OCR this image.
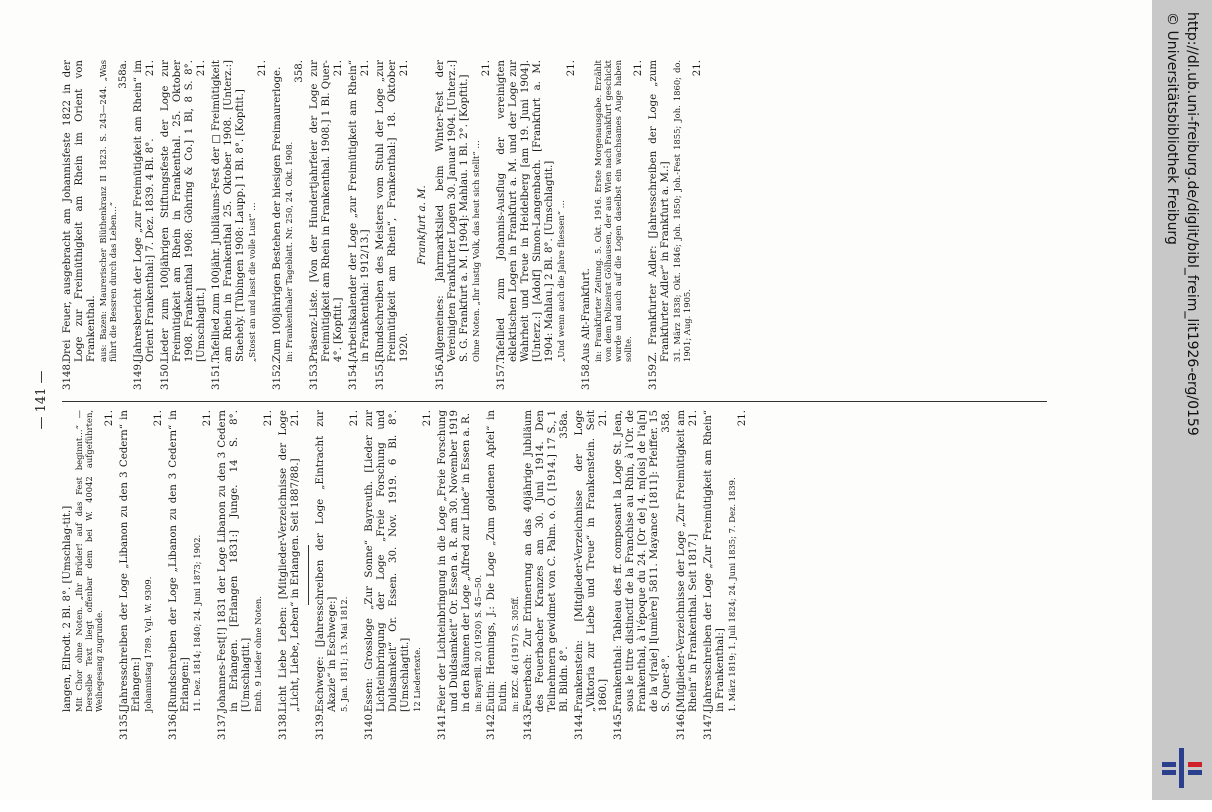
— 141 —
langen, Ellrodt. 2 Bl. 8°. [Umschlag-tit.] Mit Chor ohne Noten. „Ihr Brüder! auf das Fest beginnt…“ — Derselbe Text liegt offenbar dem bei W. 40042 aufgeführten, Weihegesang zugrunde.
21.
3135.
[Jahresschreiben der Loge „Libanon zu den 3 Cedern“ in Erlangen:] Johannistag 1789. Vgl. W. 9309.
21.
3136.
[Rundschreiben der Loge „Libanon zu den 3 Cedern“ in Erlangen:] 11. Dez. 1814; 1840; 24. Juni 1873; 1902.
21.
3137.
Johannes-Fest[!] 1831 der Loge Libanon zu den 3 Cedern in Erlangen. [Erlangen 1831:] Junge. 14 S. 8°. [Umschlagtit.] Enth. 9 Lieder ohne Noten.
21.
3138.
Licht Liebe Leben: [Mitglieder-Verzeichnisse der Loge „Licht, Liebe, Leben“ in Erlangen. Seit 1887/88.]
21.
3139.
Eschwege: [Jahresschreiben der Loge „Eintracht zur Akazie“ in Eschwege:] 5. Jan. 1811; 13. Mai 1812.
21.
3140.
Essen: Grossloge „Zur Sonne“ Bayreuth. [Lieder zur Lichteinbringung der Loge „Freie Forschung und Duldsamkeit“ Or. Essen. 30. Nov. 1919. 6 Bl. 8°. [Umschlagtit.] 12 Liedertexte.
21.
3141.
Feier der Lichteinbringung in die Loge „Freie Forschung und Duldsamkeit“ Or. Essen a. R. am 30. November 1919 in den Räumen der Loge „Alfred zur Linde“ in Essen a. R. in: BayrBll. 20 (1920) S. 45—50.
3142.
Eutin: Hennings, J.: Die Loge „Zum goldenen Apfel“ in Eutin. in: BZC. 46 (1917) S. 305ff.
3143.
Feuerbach: Zur Erinnerung an das 40jährige Jubiläum des Feuerbacher Kranzes am 30. Juni 1914. Den Teilnehmern gewidmet von C. Palm. o. O. [1914.] 17 S., 1 Bl. Bildn. 8°.
358a.
3144.
Frankenstein: [Mitglieder-Verzeichnisse der Loge „Viktoria zur Liebe und Treue“ in Frankenstein. Seit 1860.]
21.
3145.
Frankenthal: Tableau des ff. composant la Loge St. Jean, sous le titre distinctif de la Franchise au Rhin, à l'Or. de Frankenthal, à l'époque du 24. [Or de] 4. m[ois] de l'a[n] de la v[raie] l[umière] 5811. Mayance [1811]: Pfeiffer. 15 S. Quer-8°.
358.
3146.
[Mitglieder-Verzeichnisse der Loge „Zur Freimütigkeit am Rhein“ in Frankenthal. Seit 1817.]
21.
3147.
[Jahresschreiben der Loge „Zur Freimütigkeit am Rhein“ in Frankenthal:] 1. März 1819; 1. Juli 1824; 24. Juni 1835; 7. Dez. 1839.
21.
3148.
Drei Feuer, ausgebracht am Johannisfeste 1822 in der Loge zur Freimüthigkeit am Rhein im Orient von Frankenthal. aus: Bazen: Maurerischer Blüthenkranz II 1823. S. 243—244. „Was führt die Bessren durch das Leben…“
358a.
3149.
[Jahresbericht der Loge „zur Freimütigkeit am Rhein“ im Orient Frankenthal:] 7. Dez. 1839. 4 Bl. 8°.
21.
3150.
Lieder zum 100jährigen Stiftungsfeste der Loge zur Freimütigkeit am Rhein in Frankenthal. 25. Oktober 1908. Frankenthal 1908: Göhring & Co.] 1 Bl, 8 S. 8°. [Umschlagtit.]
21.
3151.
Tafellied zum 100jähr. Jubiläums-Fest der □ Freimütigkeit am Rhein in Frankenthal 25. Oktober 1908. [Unterz.:] Staehely. [Tübingen 1908: Laupp.] 1 Bl. 8°. [Kopftit.] „Stosst an und lasst die volle Lust“ …
21.
3152.
Zum 100jährigen Bestehen der hiesigen Freimaurerloge. in: Frankenthaler Tageblatt. Nr. 250, 24. Okt. 1908.
358.
3153.
Präsenz-Liste. [Von der Hundertjahrfeier der Loge zur Freimütigkeit am Rhein in Frankenthal. 1908.] 1 Bl. Quer-4°. [Kopftit.]
21.
3154.
[Arbeitskalender der Loge „zur Freimütigkeit am Rhein“ in Frankenthal: 1912/13.]
21.
3155.
[Rundschreiben des Meisters vom Stuhl der Loge „zur Freimütigkeit am Rhein“, Frankenthal:] 18. Oktober 1920.
21.
Frankfurt a. M.
3156.
Allgemeines: Jahrmarktslied beim Winter-Fest der Vereinigten Frankfurter Logen 30. Januar 1904. [Unterz.:] S. G. Frankfurt a. M. [1904]: Mahlau. 1 Bl. 2°. [Kopftit.] Ohne Noten. „Ihr lustig Volk, das heut sich stellt“ …
21.
3157.
Tafellied zum Johannis-Ausflug der vereinigten eklektischen Logen in Frankfurt a. M. und der Loge zur Wahrheit und Treue in Heidelberg [am 19. Juni 1904]. [Unterz.:] [Adolf] Simon-Langenbach. [Frankfurt a. M. 1904: Mahlau.] 2 Bl. 8°. [Umschlagtit.] „Und wenn auch die Jahre fliessen“ …
21.
3158.
Aus Alt-Frankfurt. in: Frankfurter Zeitung. 5. Okt. 1916. Erste Morgenausgabe. Erzählt von dem Polizeirat Gölhausen, der aus Wien nach Frankfurt geschickt wurde und auch auf die Logen daselbst ein wachsames Auge haben sollte.
21.
3159.
Z. Frankfurter Adler: [Jahresschreiben der Loge „zum Frankfurter Adler“ in Frankfurt a. M.:] 31. März 1838; Okt. 1846; Joh. 1850; Joh.-Fest 1855; Joh. 1860; do. 1901; Aug. 1905.
21.	http://dl.ub.uni-freiburg.de/diglit/bibl_freim_lit1926-erg/0159
© Universitätsbibliothek Freiburg
